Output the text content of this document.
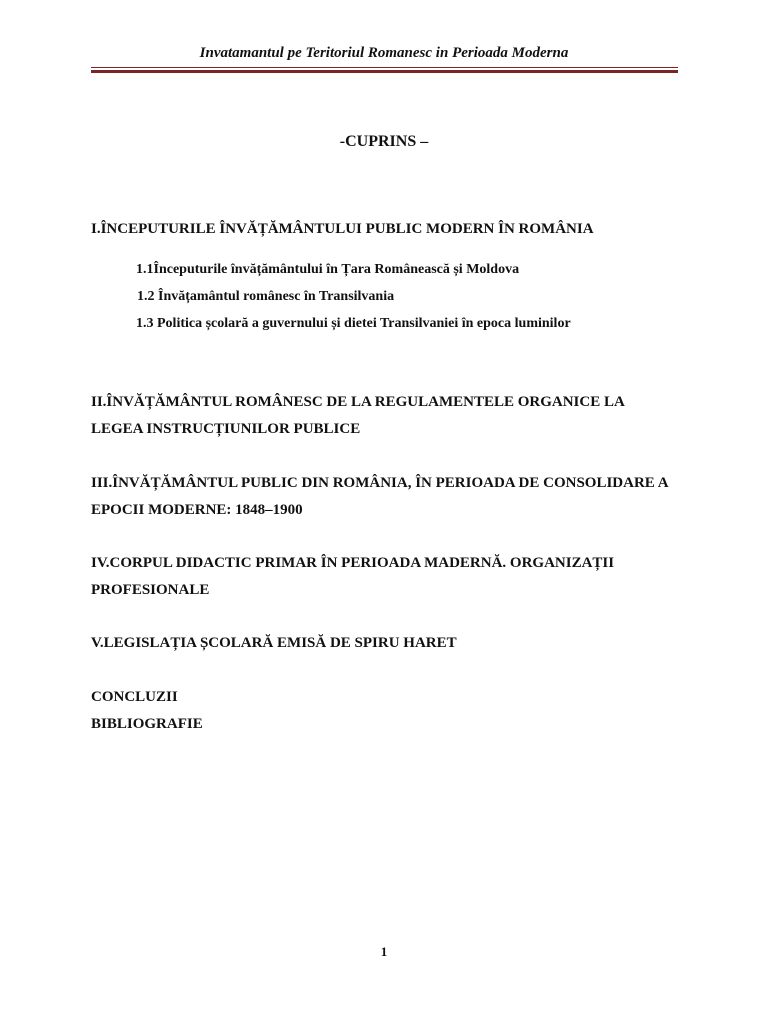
Invatamantul pe Teritoriul Romanesc in Perioada Moderna
-CUPRINS –
I.ÎNCEPUTURILE ÎNVĂȚĂMÂNTULUI PUBLIC MODERN ÎN ROMÂNIA
1.1Începuturile învățământului în Țara Românească și Moldova
1.2 Învățamântul românesc în Transilvania
1.3 Politica școlară a guvernului și dietei Transilvaniei în epoca luminilor
II.ÎNVĂȚĂMÂNTUL ROMÂNESC DE LA REGULAMENTELE ORGANICE LA
LEGEA INSTRUCȚIUNILOR PUBLICE
III.ÎNVĂȚĂMÂNTUL PUBLIC DIN ROMÂNIA, ÎN PERIOADA DE CONSOLIDARE A
EPOCII MODERNE: 1848–1900
IV.CORPUL DIDACTIC PRIMAR ÎN PERIOADA MADERNĂ. ORGANIZAȚII
PROFESIONALE
V.LEGISLAȚIA ȘCOLARĂ EMISĂ DE SPIRU HARET
CONCLUZII
BIBLIOGRAFIE
1
